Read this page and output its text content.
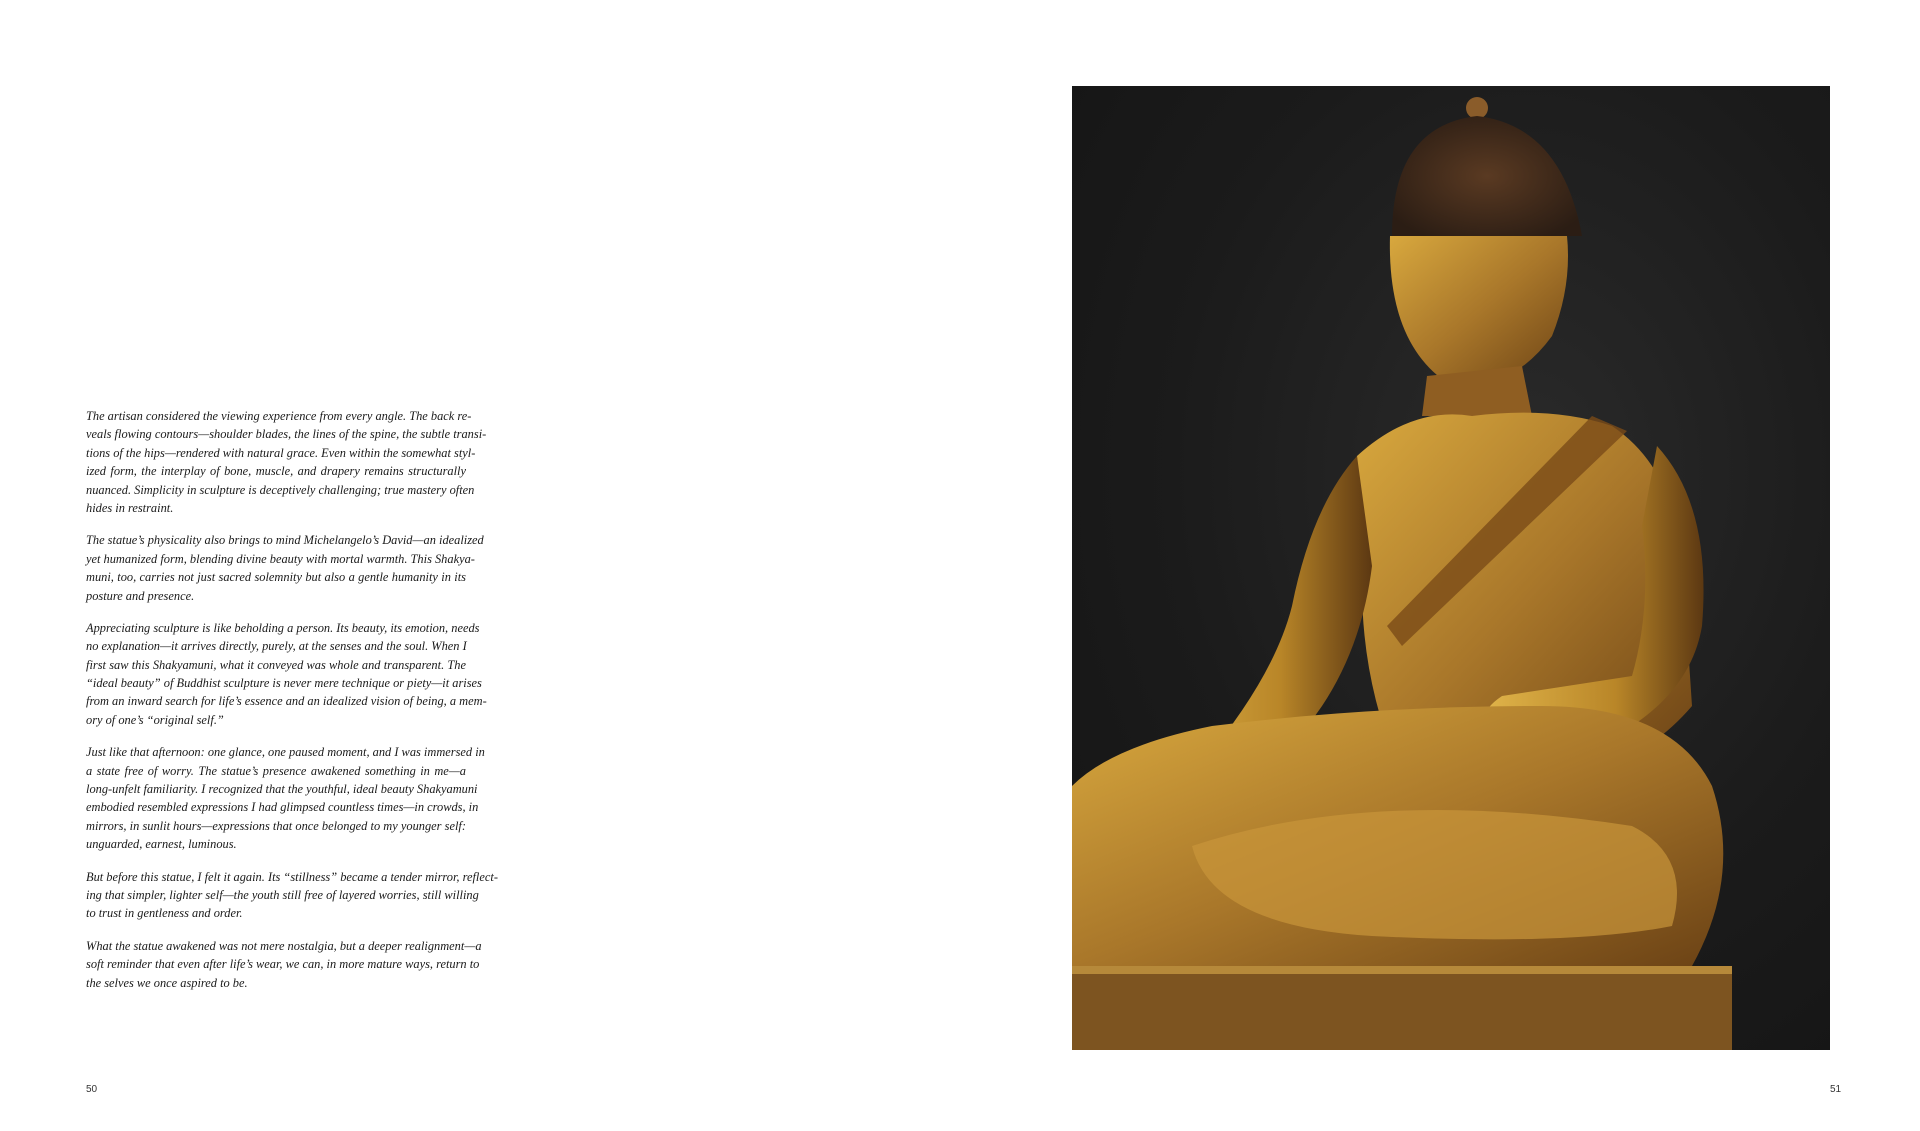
The artisan considered the viewing experience from every angle. The back re-
veals flowing contours—shoulder blades, the lines of the spine, the subtle transi-
tions of the hips—rendered with natural grace. Even within the somewhat styl-
ized form, the interplay of bone, muscle, and drapery remains structurally
nuanced. Simplicity in sculpture is deceptively challenging; true mastery often
hides in restraint.
The statue’s physicality also brings to mind Michelangelo’s David—an idealized
yet humanized form, blending divine beauty with mortal warmth. This Shakya-
muni, too, carries not just sacred solemnity but also a gentle humanity in its
posture and presence.
Appreciating sculpture is like beholding a person. Its beauty, its emotion, needs
no explanation—it arrives directly, purely, at the senses and the soul. When I
first saw this Shakyamuni, what it conveyed was whole and transparent. The
“ideal beauty” of Buddhist sculpture is never mere technique or piety—it arises
from an inward search for life’s essence and an idealized vision of being, a mem-
ory of one’s “original self.”
Just like that afternoon: one glance, one paused moment, and I was immersed in
a state free of worry. The statue’s presence awakened something in me—a
long-unfelt familiarity. I recognized that the youthful, ideal beauty Shakyamuni
embodied resembled expressions I had glimpsed countless times—in crowds, in
mirrors, in sunlit hours—expressions that once belonged to my younger self:
unguarded, earnest, luminous.
But before this statue, I felt it again. Its “stillness” became a tender mirror, reflect-
ing that simpler, lighter self—the youth still free of layered worries, still willing
to trust in gentleness and order.
What the statue awakened was not mere nostalgia, but a deeper realignment—a
soft reminder that even after life’s wear, we can, in more mature ways, return to
the selves we once aspired to be.
50	51
